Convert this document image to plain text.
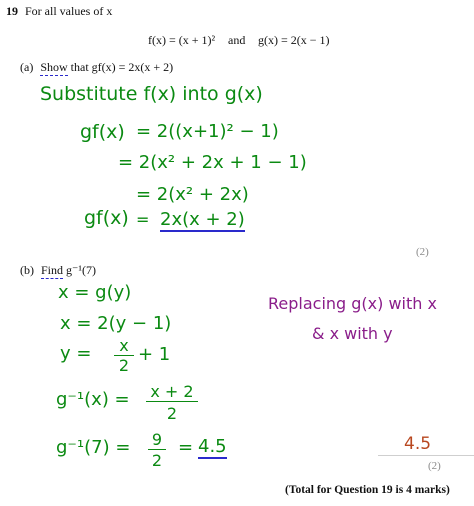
19 For all values of x
f(x) = (x + 1)² and g(x) = 2(x − 1)
(a) Show that gf(x) = 2x(x + 2)
Substitute f(x) into g(x)
gf(x) = 2((x+1)² − 1)
= 2(x² + 2x + 1 − 1)
= 2(x² + 2x)
gf(x) = 2x(x + 2)
(2)
(b) Find g⁻¹(7)
x = g(y)
x = 2(y − 1)
y =	x
2
+ 1
g⁻¹(x) = x + 2
2
g⁻¹(7) = 9
2
= 4.5
Replacing g(x) with x
& x with y
4.5
(2)
(Total for Question 19 is 4 marks)
